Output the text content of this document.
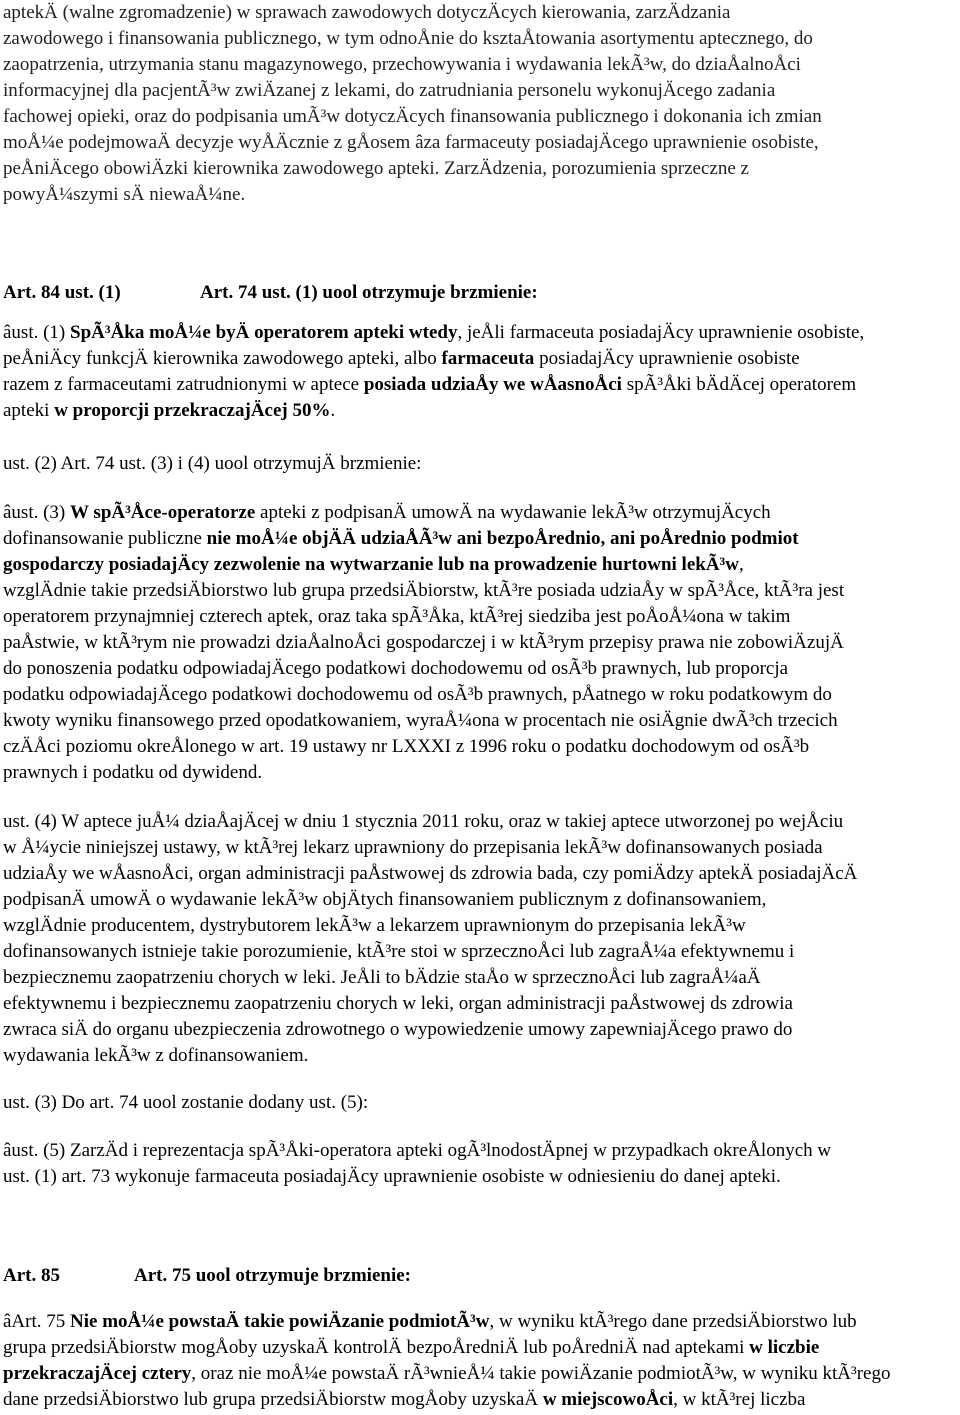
aptekÄ (walne zgromadzenie) w sprawach zawodowych dotyczÄcych kierowania, zarzÄdzania
zawodowego i finansowania publicznego, w tym odnoÅnie do ksztaÅtowania asortymentu aptecznego, do
zaopatrzenia, utrzymania stanu magazynowego, przechowywania i wydawania lekÃ³w, do dziaÅalnoÅci
informacyjnej dla pacjentÃ³w zwiÄzanej z lekami, do zatrudniania personelu wykonujÄcego zadania
fachowej opieki, oraz do podpisania umÃ³w dotyczÄcych finansowania publicznego i dokonania ich zmian
moÅ¼e podejmowaÄ decyzje wyÅÄcznie z gÅosem âza farmaceuty posiadajÄcego uprawnienie osobiste,
peÅniÄcego obowiÄzki kierownika zawodowego apteki. ZarzÄdzenia, porozumienia sprzeczne z
powyÅ¼szymi sÄ niewaÅ¼ne.
Art. 84 ust. (1)	Art. 74 ust. (1) uool otrzymuje brzmienie:
âust. (1) SpÃ³Åka moÅ¼e byÄ operatorem apteki wtedy, jeÅli farmaceuta posiadajÄcy uprawnienie osobiste,
peÅniÄcy funkcjÄ kierownika zawodowego apteki, albo farmaceuta posiadajÄcy uprawnienie osobiste
razem z farmaceutami zatrudnionymi w aptece posiada udziaÅy we wÅasnoÅci spÃ³Åki bÄdÄcej operatorem
apteki w proporcji przekraczajÄcej 50%.
ust. (2) Art. 74 ust. (3) i (4) uool otrzymujÄ brzmienie:
âust. (3) W spÃ³Åce-operatorze apteki z podpisanÄ umowÄ na wydawanie lekÃ³w otrzymujÄcych
dofinansowanie publiczne nie moÅ¼e objÄÄ udziaÅÃ³w ani bezpoÅrednio, ani poÅrednio podmiot
gospodarczy posiadajÄcy zezwolenie na wytwarzanie lub na prowadzenie hurtowni lekÃ³w,
wzglÄdnie takie przedsiÄbiorstwo lub grupa przedsiÄbiorstw, ktÃ³re posiada udziaÅy w spÃ³Åce, ktÃ³ra jest
operatorem przynajmniej czterech aptek, oraz taka spÃ³Åka, ktÃ³rej siedziba jest poÅoÅ¼ona w takim
paÅstwie, w ktÃ³rym nie prowadzi dziaÅalnoÅci gospodarczej i w ktÃ³rym przepisy prawa nie zobowiÄzujÄ
do ponoszenia podatku odpowiadajÄcego podatkowi dochodowemu od osÃ³b prawnych, lub proporcja
podatku odpowiadajÄcego podatkowi dochodowemu od osÃ³b prawnych, pÅatnego w roku podatkowym do
kwoty wyniku finansowego przed opodatkowaniem, wyraÅ¼ona w procentach nie osiÄgnie dwÃ³ch trzecich
czÄÅci poziomu okreÅlonego w art. 19 ustawy nr LXXXI z 1996 roku o podatku dochodowym od osÃ³b
prawnych i podatku od dywidend.
ust. (4) W aptece juÅ¼ dziaÅajÄcej w dniu 1 stycznia 2011 roku, oraz w takiej aptece utworzonej po wejÅciu
w Å¼ycie niniejszej ustawy, w ktÃ³rej lekarz uprawniony do przepisania lekÃ³w dofinansowanych posiada
udziaÅy we wÅasnoÅci, organ administracji paÅstwowej ds zdrowia bada, czy pomiÄdzy aptekÄ posiadajÄcÄ
podpisanÄ umowÄ o wydawanie lekÃ³w objÄtych finansowaniem publicznym z dofinansowaniem,
wzglÄdnie producentem, dystrybutorem lekÃ³w a lekarzem uprawnionym do przepisania lekÃ³w
dofinansowanych istnieje takie porozumienie, ktÃ³re stoi w sprzecznoÅci lub zagraÅ¼a efektywnemu i
bezpiecznemu zaopatrzeniu chorych w leki. JeÅli to bÄdzie staÅo w sprzecznoÅci lub zagraÅ¼aÄ
efektywnemu i bezpiecznemu zaopatrzeniu chorych w leki, organ administracji paÅstwowej ds zdrowia
zwraca siÄ do organu ubezpieczenia zdrowotnego o wypowiedzenie umowy zapewniajÄcego prawo do
wydawania lekÃ³w z dofinansowaniem.
ust. (3) Do art. 74 uool zostanie dodany ust. (5):
âust. (5) ZarzÄd i reprezentacja spÃ³Åki-operatora apteki ogÃ³lnodostÄpnej w przypadkach okreÅlonych w
ust. (1) art. 73 wykonuje farmaceuta posiadajÄcy uprawnienie osobiste w odniesieniu do danej apteki.
Art. 85	Art. 75 uool otrzymuje brzmienie:
âArt. 75 Nie moÅ¼e powstaÄ takie powiÄzanie podmiotÃ³w, w wyniku ktÃ³rego dane przedsiÄbiorstwo lub
grupa przedsiÄbiorstw mogÅoby uzyskaÄ kontrolÄ bezpoÅredniÄ lub poÅredniÄ nad aptekami w liczbie
przekraczajÄcej cztery, oraz nie moÅ¼e powstaÄ rÃ³wnieÅ¼ takie powiÄzanie podmiotÃ³w, w wyniku ktÃ³rego
dane przedsiÄbiorstwo lub grupa przedsiÄbiorstw mogÅoby uzyskaÄ w miejscowoÅci, w ktÃ³rej liczba
